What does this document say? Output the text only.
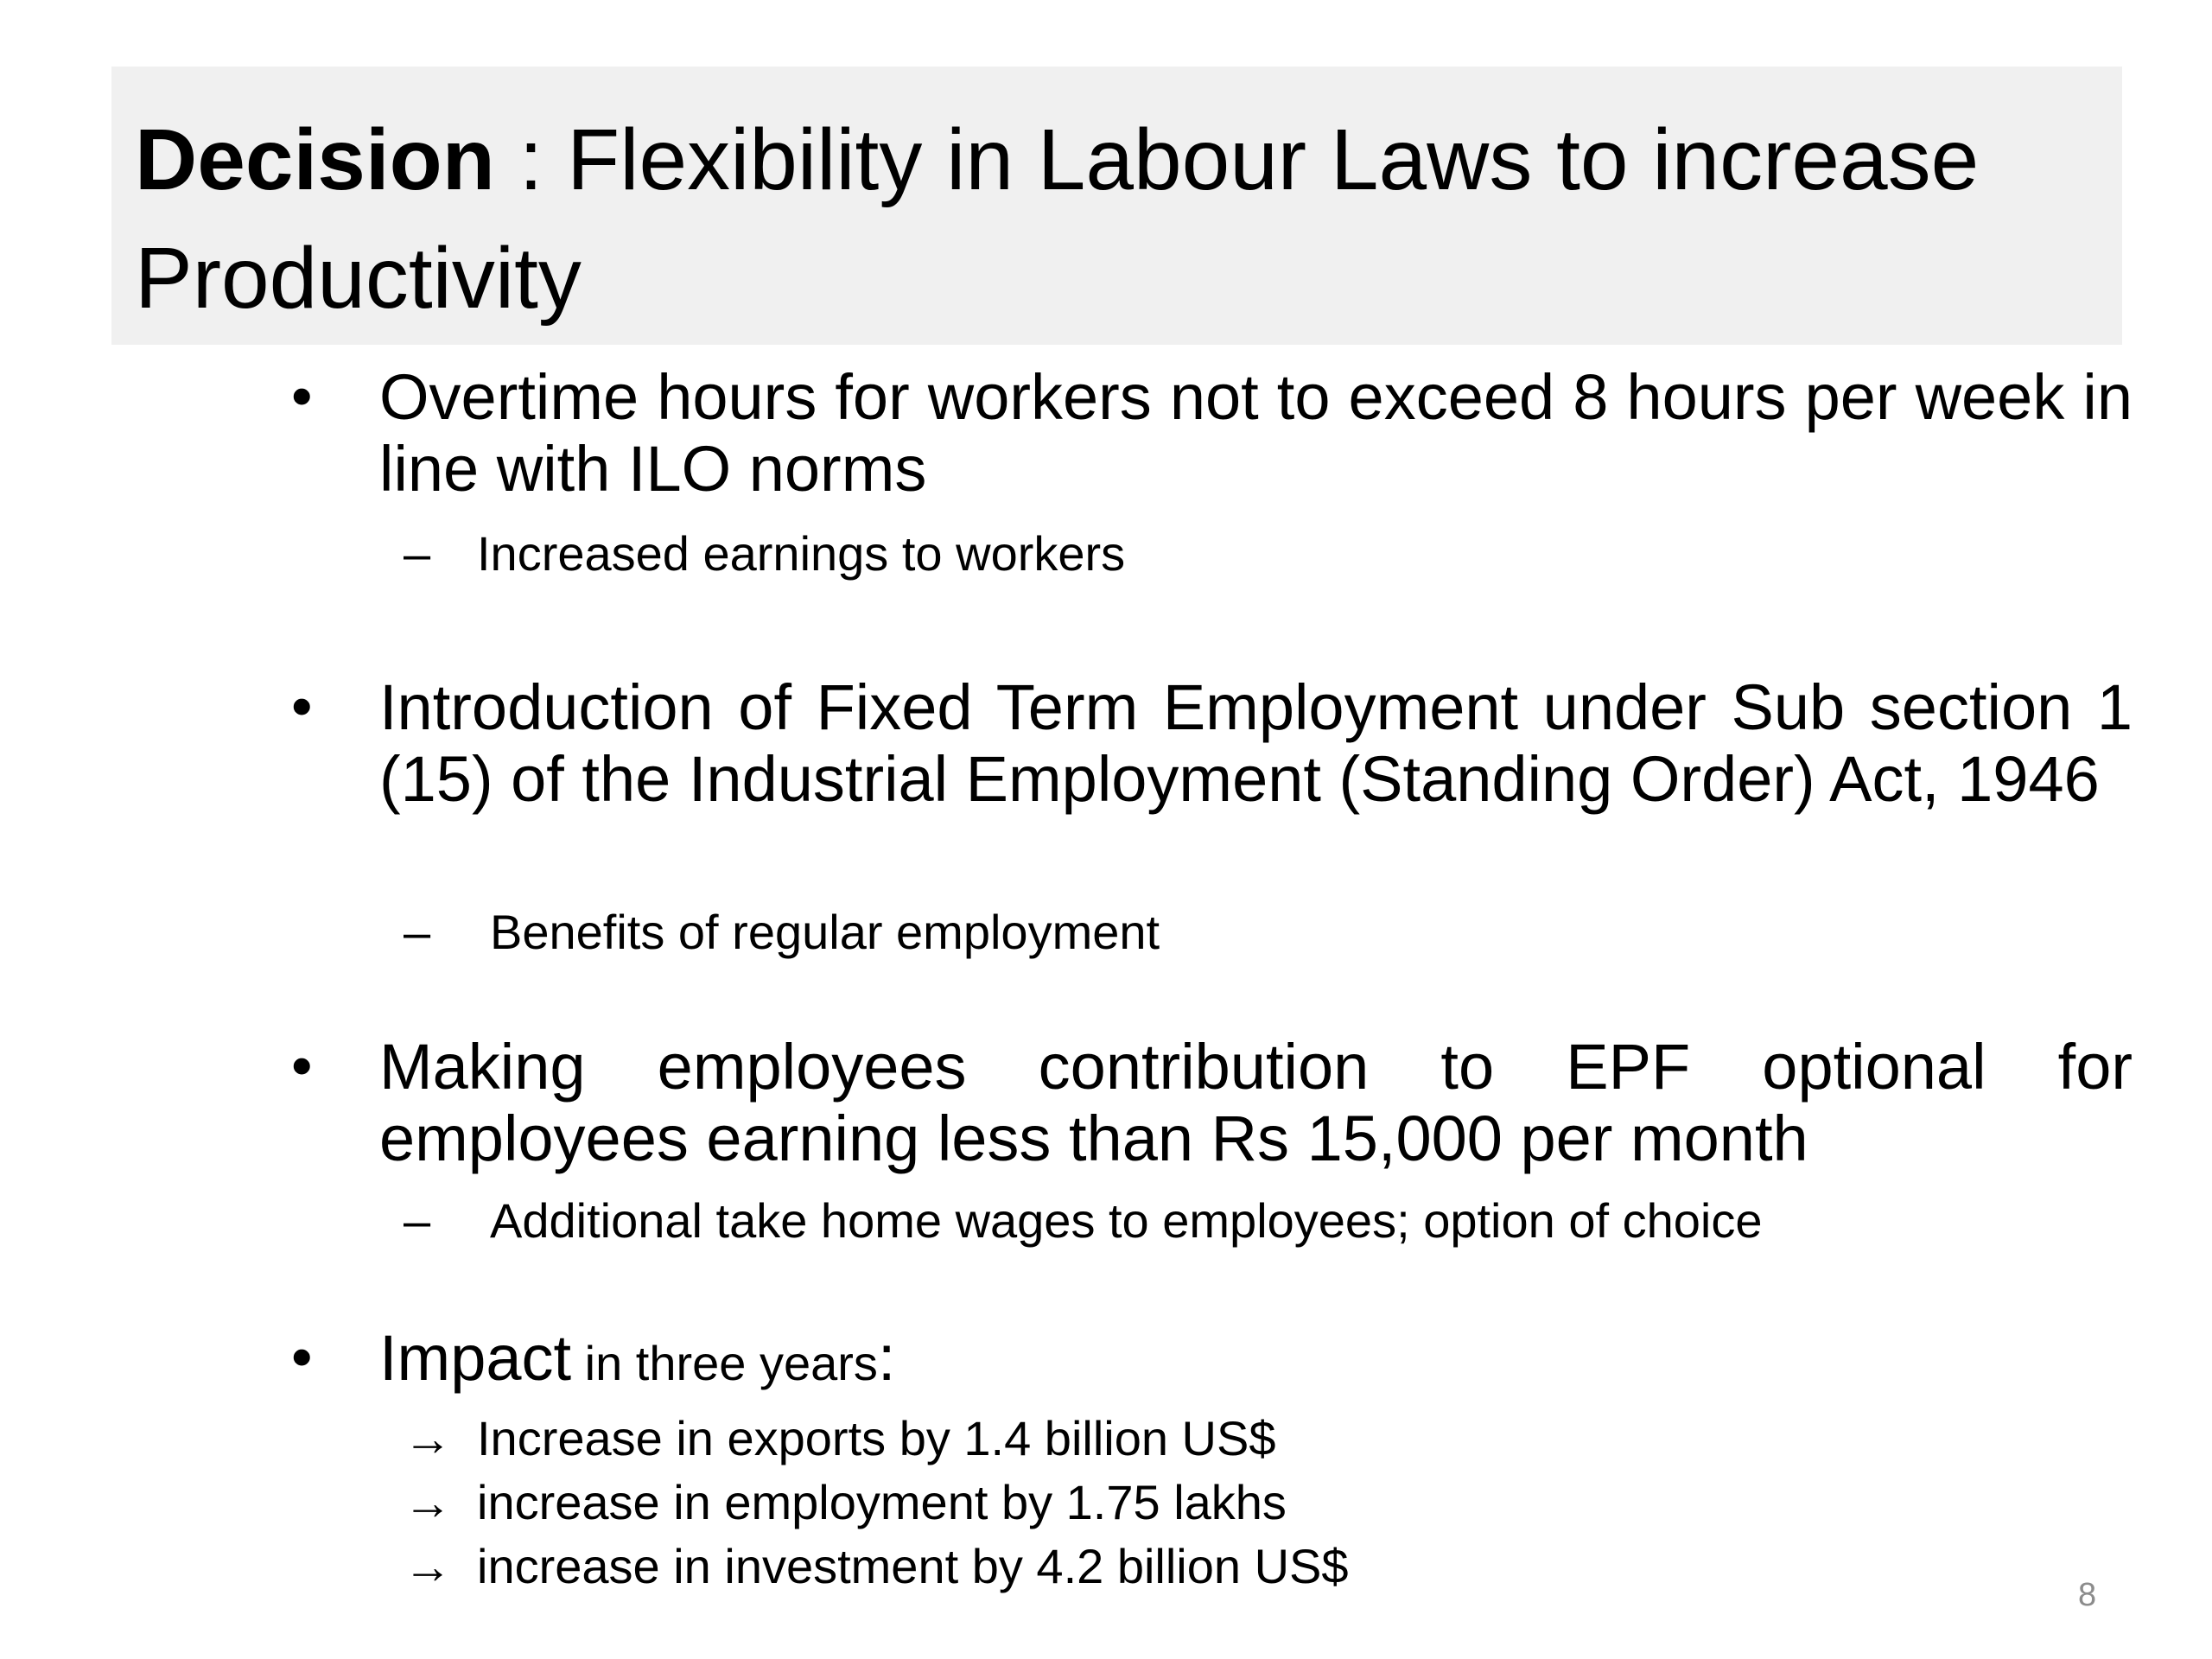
Decision : Flexibility in Labour Laws to increase Productivity
• Overtime hours for workers not to exceed 8 hours per week in line with ILO norms
– Increased earnings to workers
• Introduction of Fixed Term Employment under Sub section 1 (15) of the Industrial Employment (Standing Order) Act, 1946
–	Benefits of regular employment
• Making employees contribution to EPF optional for employees earning less than Rs 15,000 per month
–	Additional take home wages to employees; option of choice
• Impact in three years:
→ Increase in exports by 1.4 billion US$
→ increase in employment by 1.75 lakhs
→ increase in investment by 4.2 billion US$
8
